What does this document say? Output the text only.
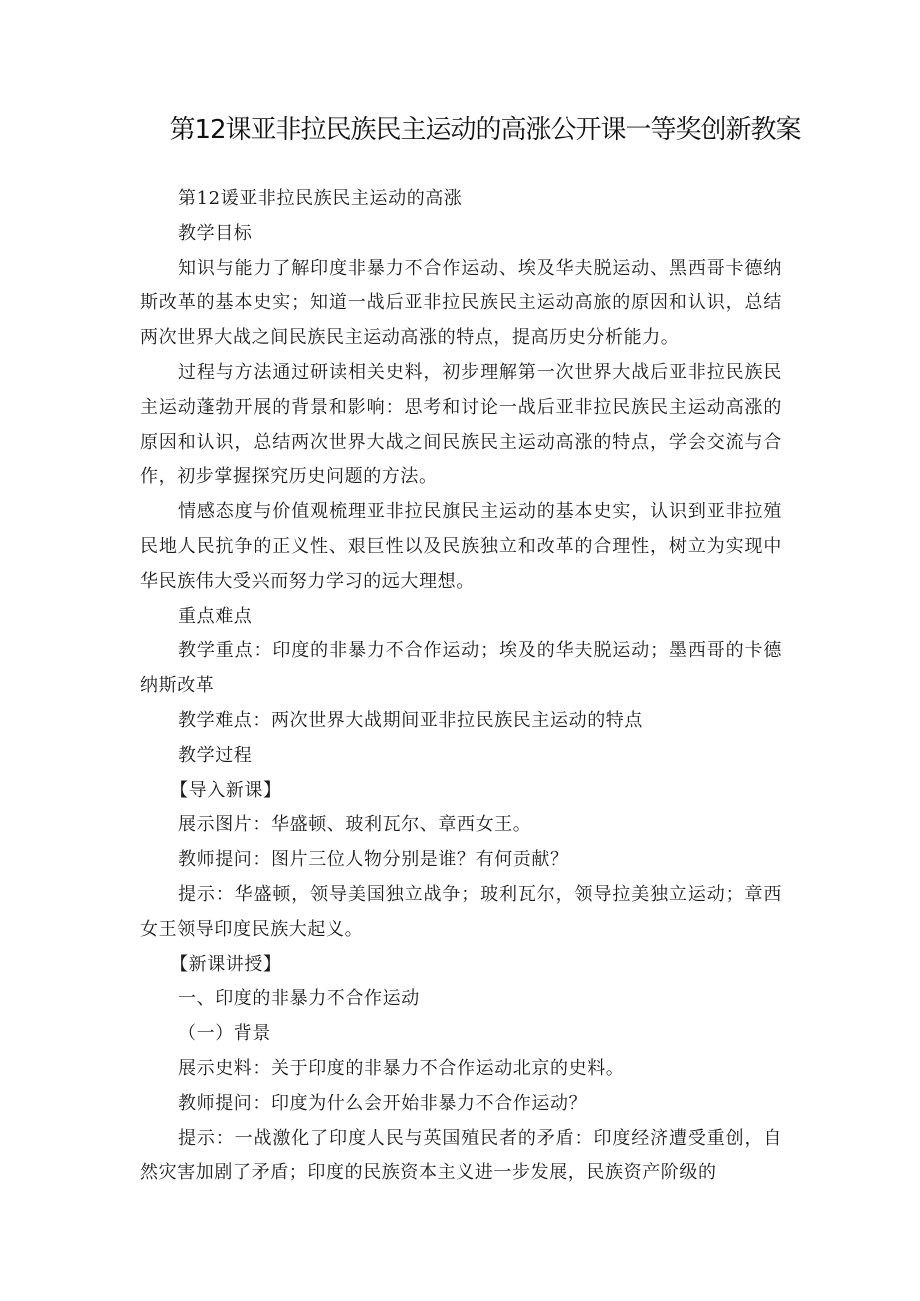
第12课亚非拉民族民主运动的高涨公开课一等奖创新教案

第12谖亚非拉民族民主运动的高涨

教学目标

知识与能力了解印度非暴力不合作运动、埃及华夫脱运动、黑西哥卡德纳斯改革的基本史实；知道一战后亚非拉民族民主运动高旅的原因和认识，总结两次世界大战之间民族民主运动高涨的特点，提高历史分析能力。

过程与方法通过研读相关史料，初步理解第一次世界大战后亚非拉民族民主运动蓬勃开展的背景和影响：思考和讨论一战后亚非拉民族民主运动高涨的原因和认识，总结两次世界大战之间民族民主运动高涨的特点，学会交流与合作，初步掌握探究历史问题的方法。

情感态度与价值观梳理亚非拉民旗民主运动的基本史实，认识到亚非拉殖民地人民抗争的正义性、艰巨性以及民族独立和改革的合理性，树立为实现中华民族伟大受兴而努力学习的远大理想。

重点难点

教学重点：印度的非暴力不合作运动；埃及的华夫脱运动；墨西哥的卡德纳斯改革

教学难点：两次世界大战期间亚非拉民族民主运动的特点

教学过程

【导入新课】

展示图片：华盛顿、玻利瓦尔、章西女王。

教师提问：图片三位人物分别是谁？有何贡献？

提示：华盛顿，领导美国独立战争；玻利瓦尔，领导拉美独立运动；章西女王领导印度民族大起义。

【新课讲授】

一、印度的非暴力不合作运动

（一）背景

展示史料：关于印度的非暴力不合作运动北京的史料。

教师提问：印度为什么会开始非暴力不合作运动？

提示：一战激化了印度人民与英国殖民者的矛盾：印度经济遭受重创，自然灾害加剧了矛盾；印度的民族资本主义进一步发展，民族资产阶级的
